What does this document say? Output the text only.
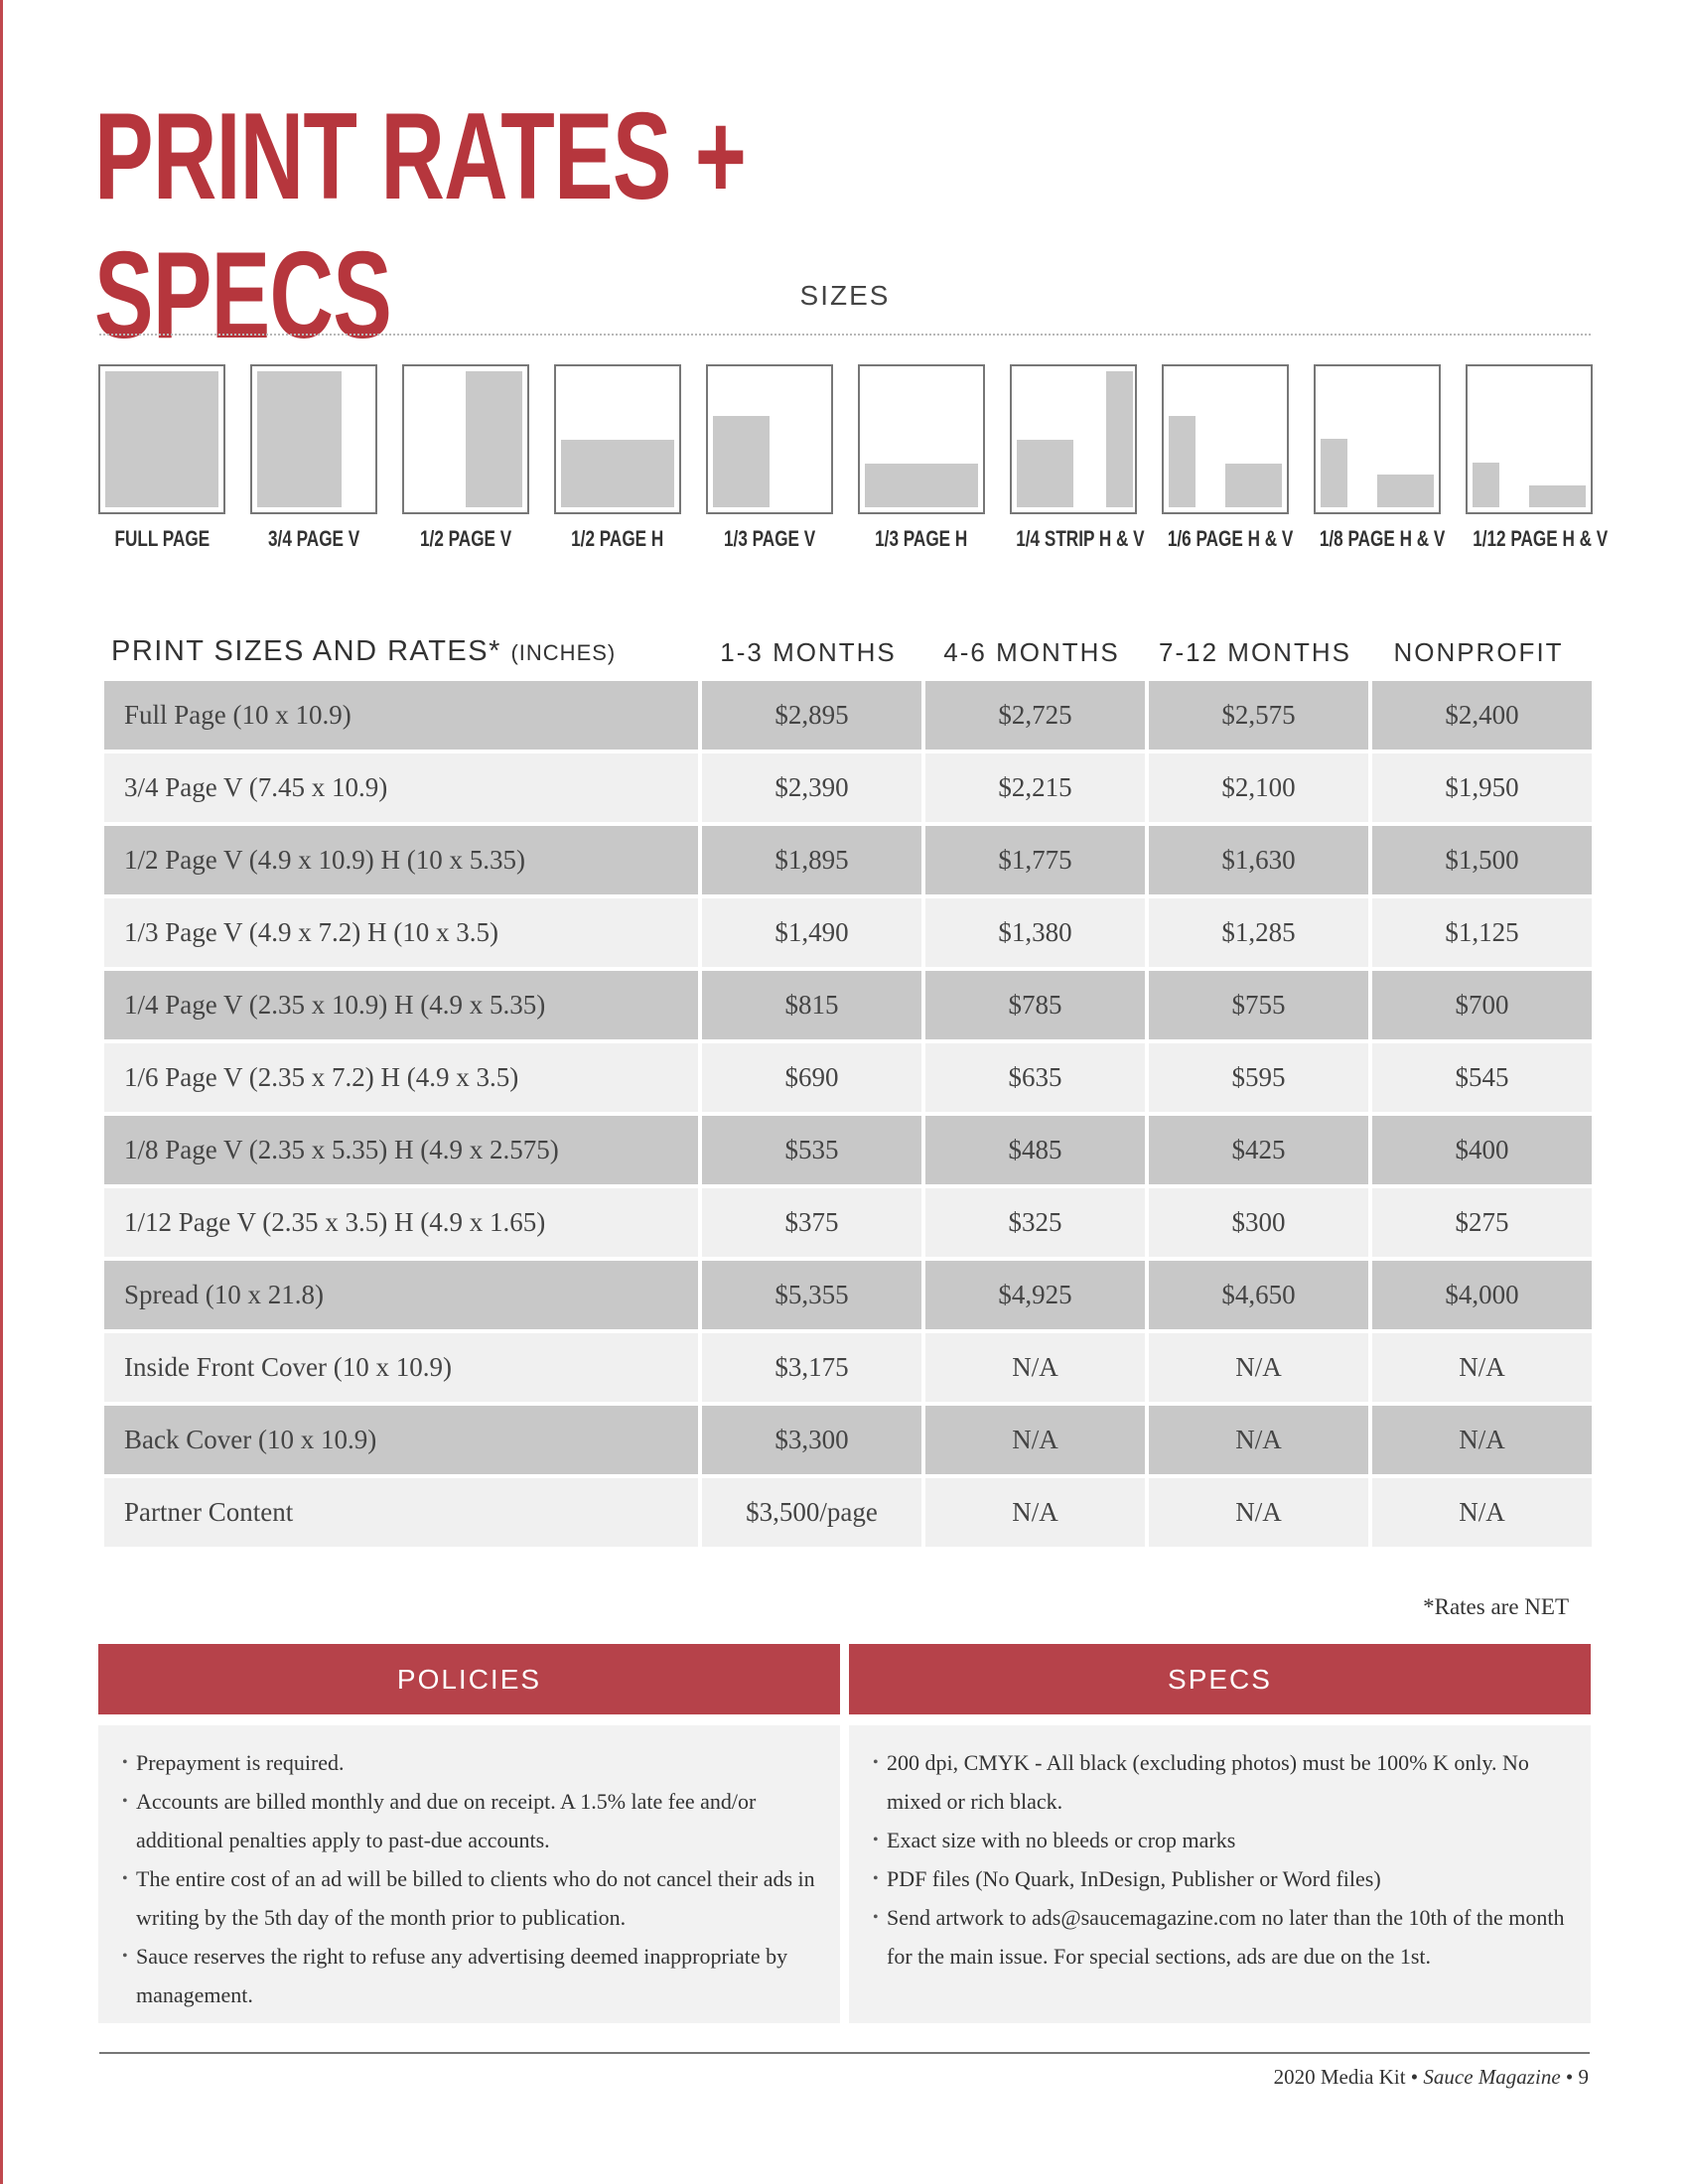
PRINT RATES + SPECS	SIZES
FULL PAGE	3/4 PAGE V	1/2 PAGE V	1/2 PAGE H	1/3 PAGE V	1/3 PAGE H	1/4 STRIP H & V	1/6 PAGE H & V	1/8 PAGE H & V	1/12 PAGE H & V
PRINT SIZES AND RATES* (INCHES)	1-3 MONTHS	4-6 MONTHS	7-12 MONTHS	NONPROFIT
Full Page (10 x 10.9)	$2,895	$2,725	$2,575	$2,400
3/4 Page V (7.45 x 10.9)	$2,390	$2,215	$2,100	$1,950
1/2 Page V (4.9 x 10.9) H (10 x 5.35)	$1,895	$1,775	$1,630	$1,500
1/3 Page V (4.9 x 7.2) H (10 x 3.5)	$1,490	$1,380	$1,285	$1,125
1/4 Page V (2.35 x 10.9) H (4.9 x 5.35)	$815	$785	$755	$700
1/6 Page V (2.35 x 7.2) H (4.9 x 3.5)	$690	$635	$595	$545
1/8 Page V (2.35 x 5.35) H (4.9 x 2.575)	$535	$485	$425	$400
1/12 Page V (2.35 x 3.5) H (4.9 x 1.65)	$375	$325	$300	$275
Spread (10 x 21.8)	$5,355	$4,925	$4,650	$4,000
Inside Front Cover (10 x 10.9)	$3,175	N/A	N/A	N/A
Back Cover (10 x 10.9)	$3,300	N/A	N/A	N/A
Partner Content	$3,500/page	N/A	N/A	N/A
*Rates are NET
POLICIES
• Prepayment is required.
• Accounts are billed monthly and due on receipt. A 1.5% late fee and/or additional penalties apply to past-due accounts.
• The entire cost of an ad will be billed to clients who do not cancel their ads in writing by the 5th day of the month prior to publication.
• Sauce reserves the right to refuse any advertising deemed inappropriate by management.
SPECS
• 200 dpi, CMYK - All black (excluding photos) must be 100% K only. No mixed or rich black.
• Exact size with no bleeds or crop marks
• PDF files (No Quark, InDesign, Publisher or Word files)
• Send artwork to ads@saucemagazine.com no later than the 10th of the month for the main issue. For special sections, ads are due on the 1st.
2020 Media Kit • Sauce Magazine • 9
